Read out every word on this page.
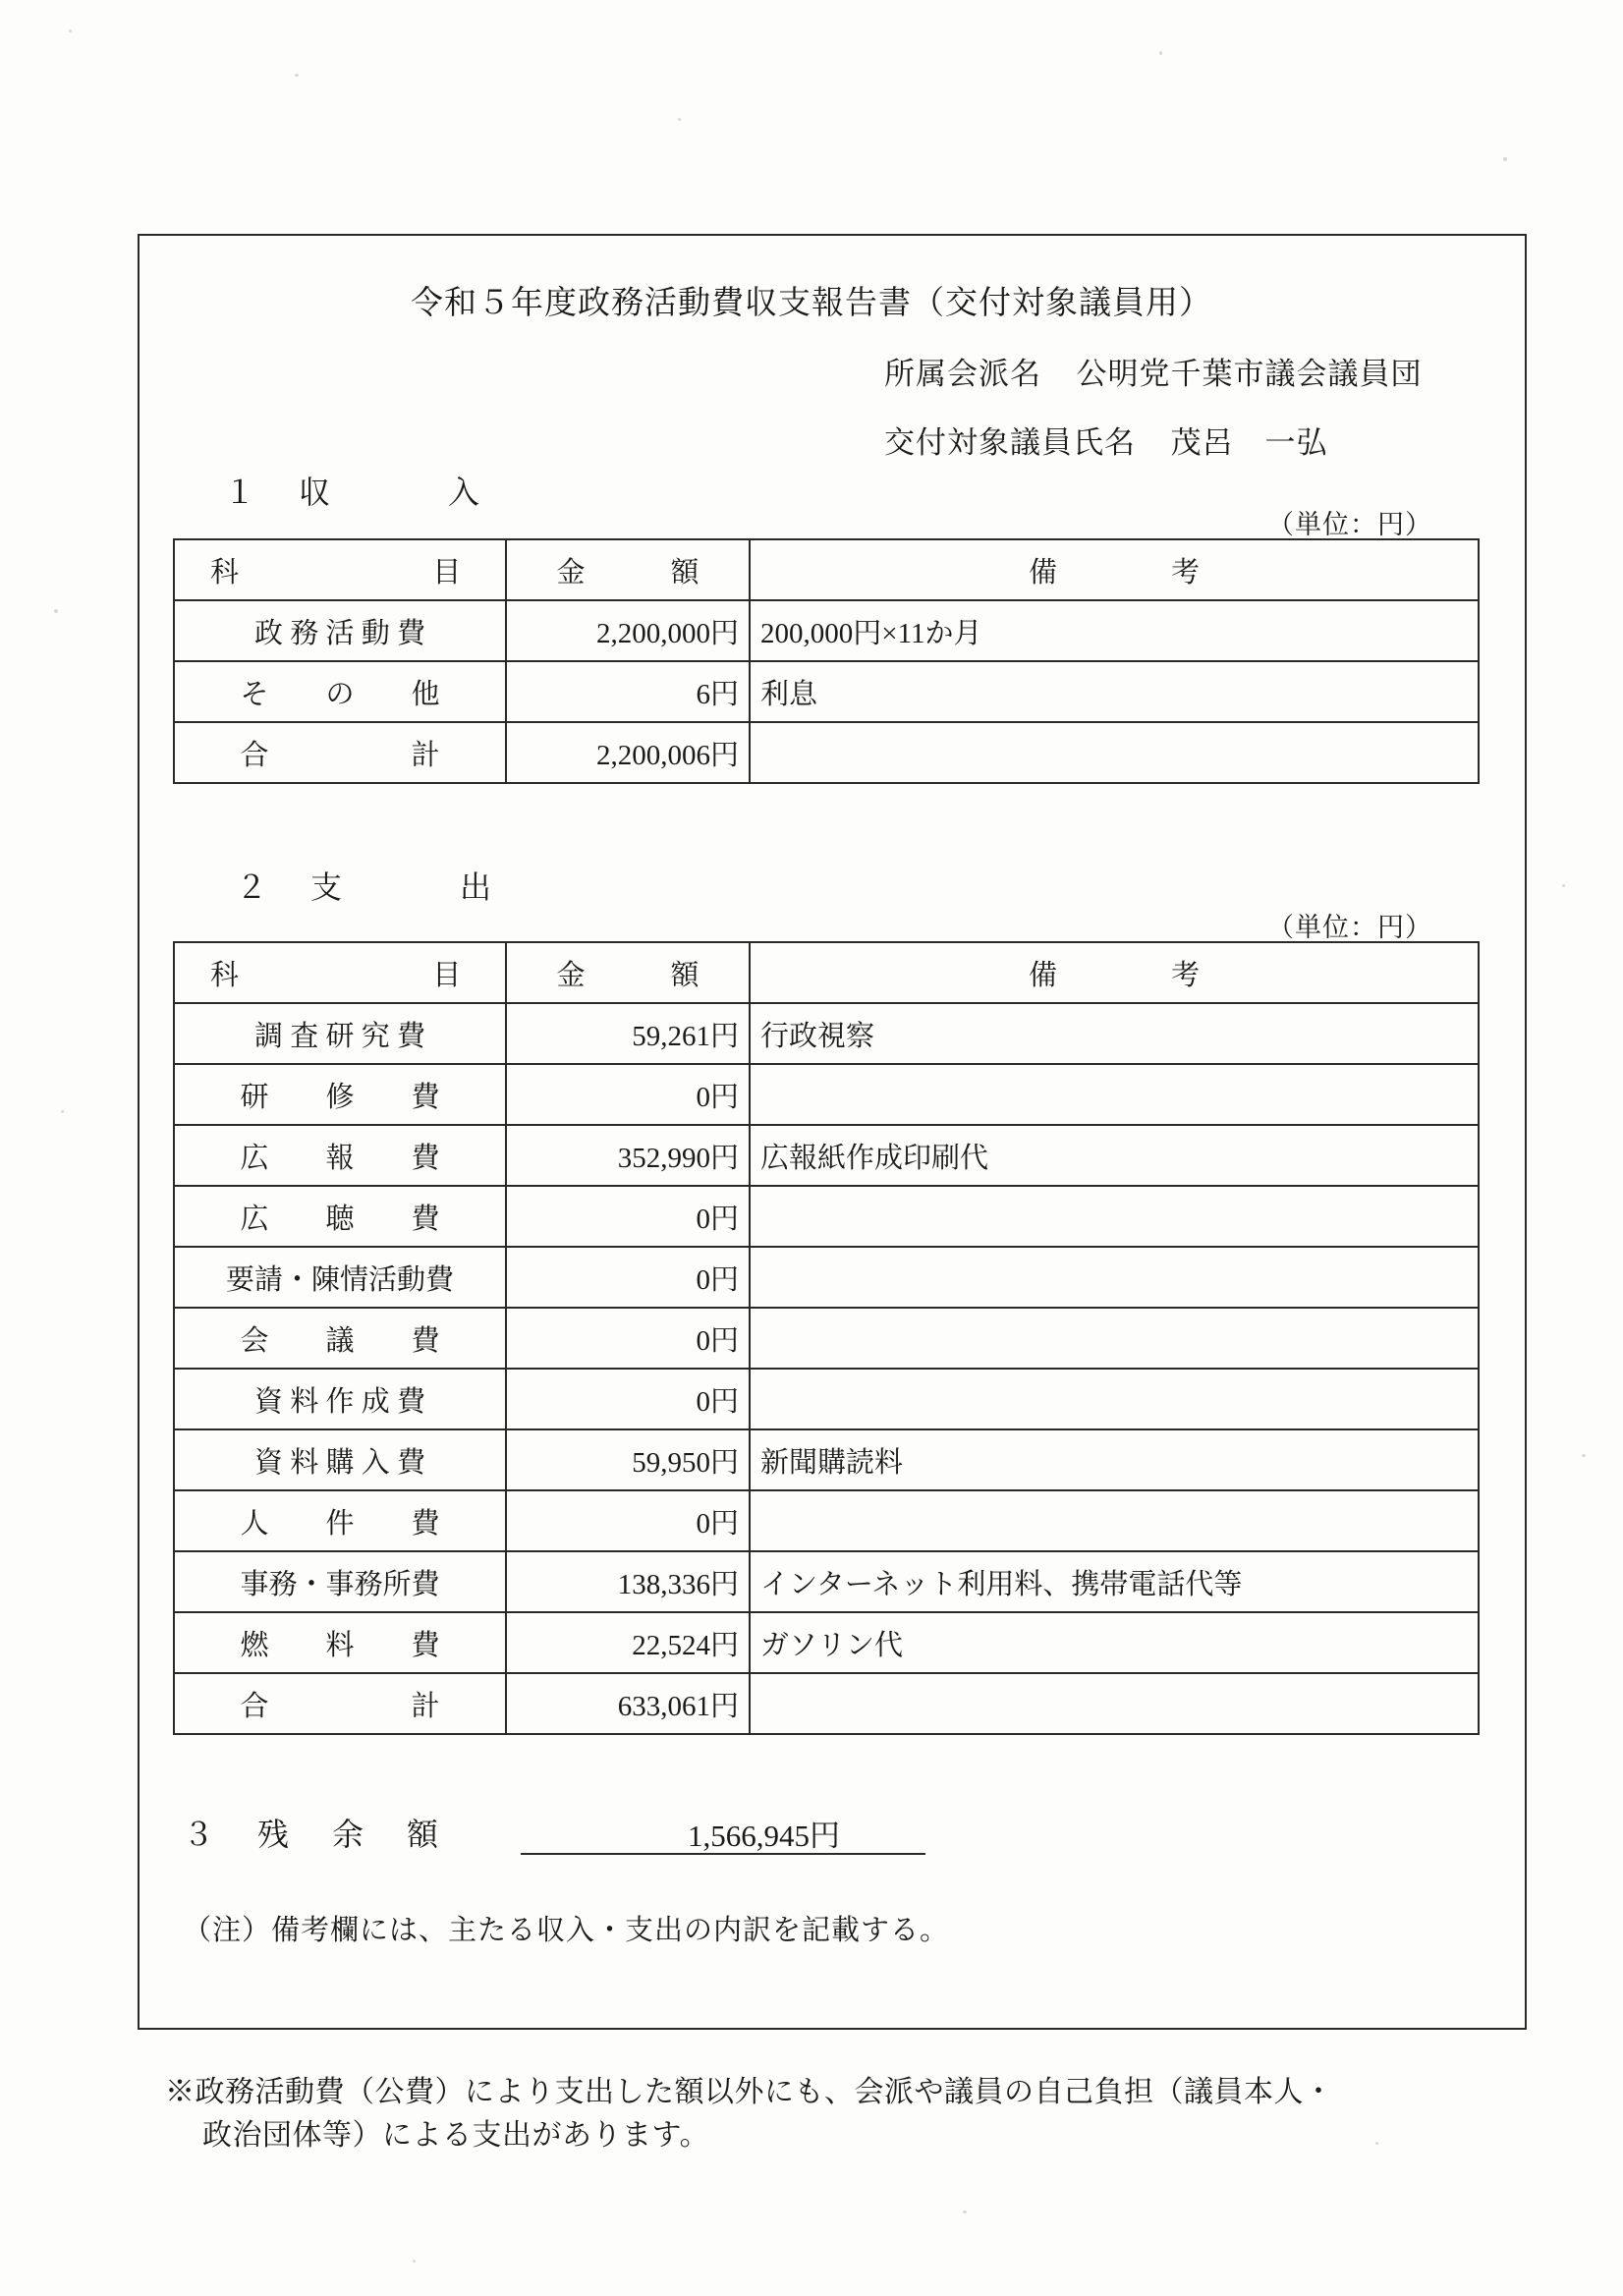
令和５年度政務活動費収支報告書（交付対象議員用）
所属会派名 公明党千葉市議会議員団
交付対象議員氏名 茂呂　一弘
１　収　　　入
（単位：円）
科　　　　　目	金　　　額	備　　　　考
政 務 活 動 費	2,200,000円	200,000円×11か月
そ　　の　　他	6円	利息
合　　　　　計	2,200,006円	
２　支　　　出
（単位：円）
科　　　　　目	金　　　額	備　　　　考
調 査 研 究 費	59,261円	行政視察
研　　修　　費	0円	
広　　報　　費	352,990円	広報紙作成印刷代
広　　聴　　費	0円	
要請・陳情活動費	0円	
会　　議　　費	0円	
資 料 作 成 費	0円	
資 料 購 入 費	59,950円	新聞購読料
人　　件　　費	0円	
事務・事務所費	138,336円	インターネット利用料、携帯電話代等
燃　　料　　費	22,524円	ガソリン代
合　　　　　計	633,061円	
３　残　余　額	1,566,945円
（注）備考欄には、主たる収入・支出の内訳を記載する。
※政務活動費（公費）により支出した額以外にも、会派や議員の自己負担（議員本人・
政治団体等）による支出があります。
